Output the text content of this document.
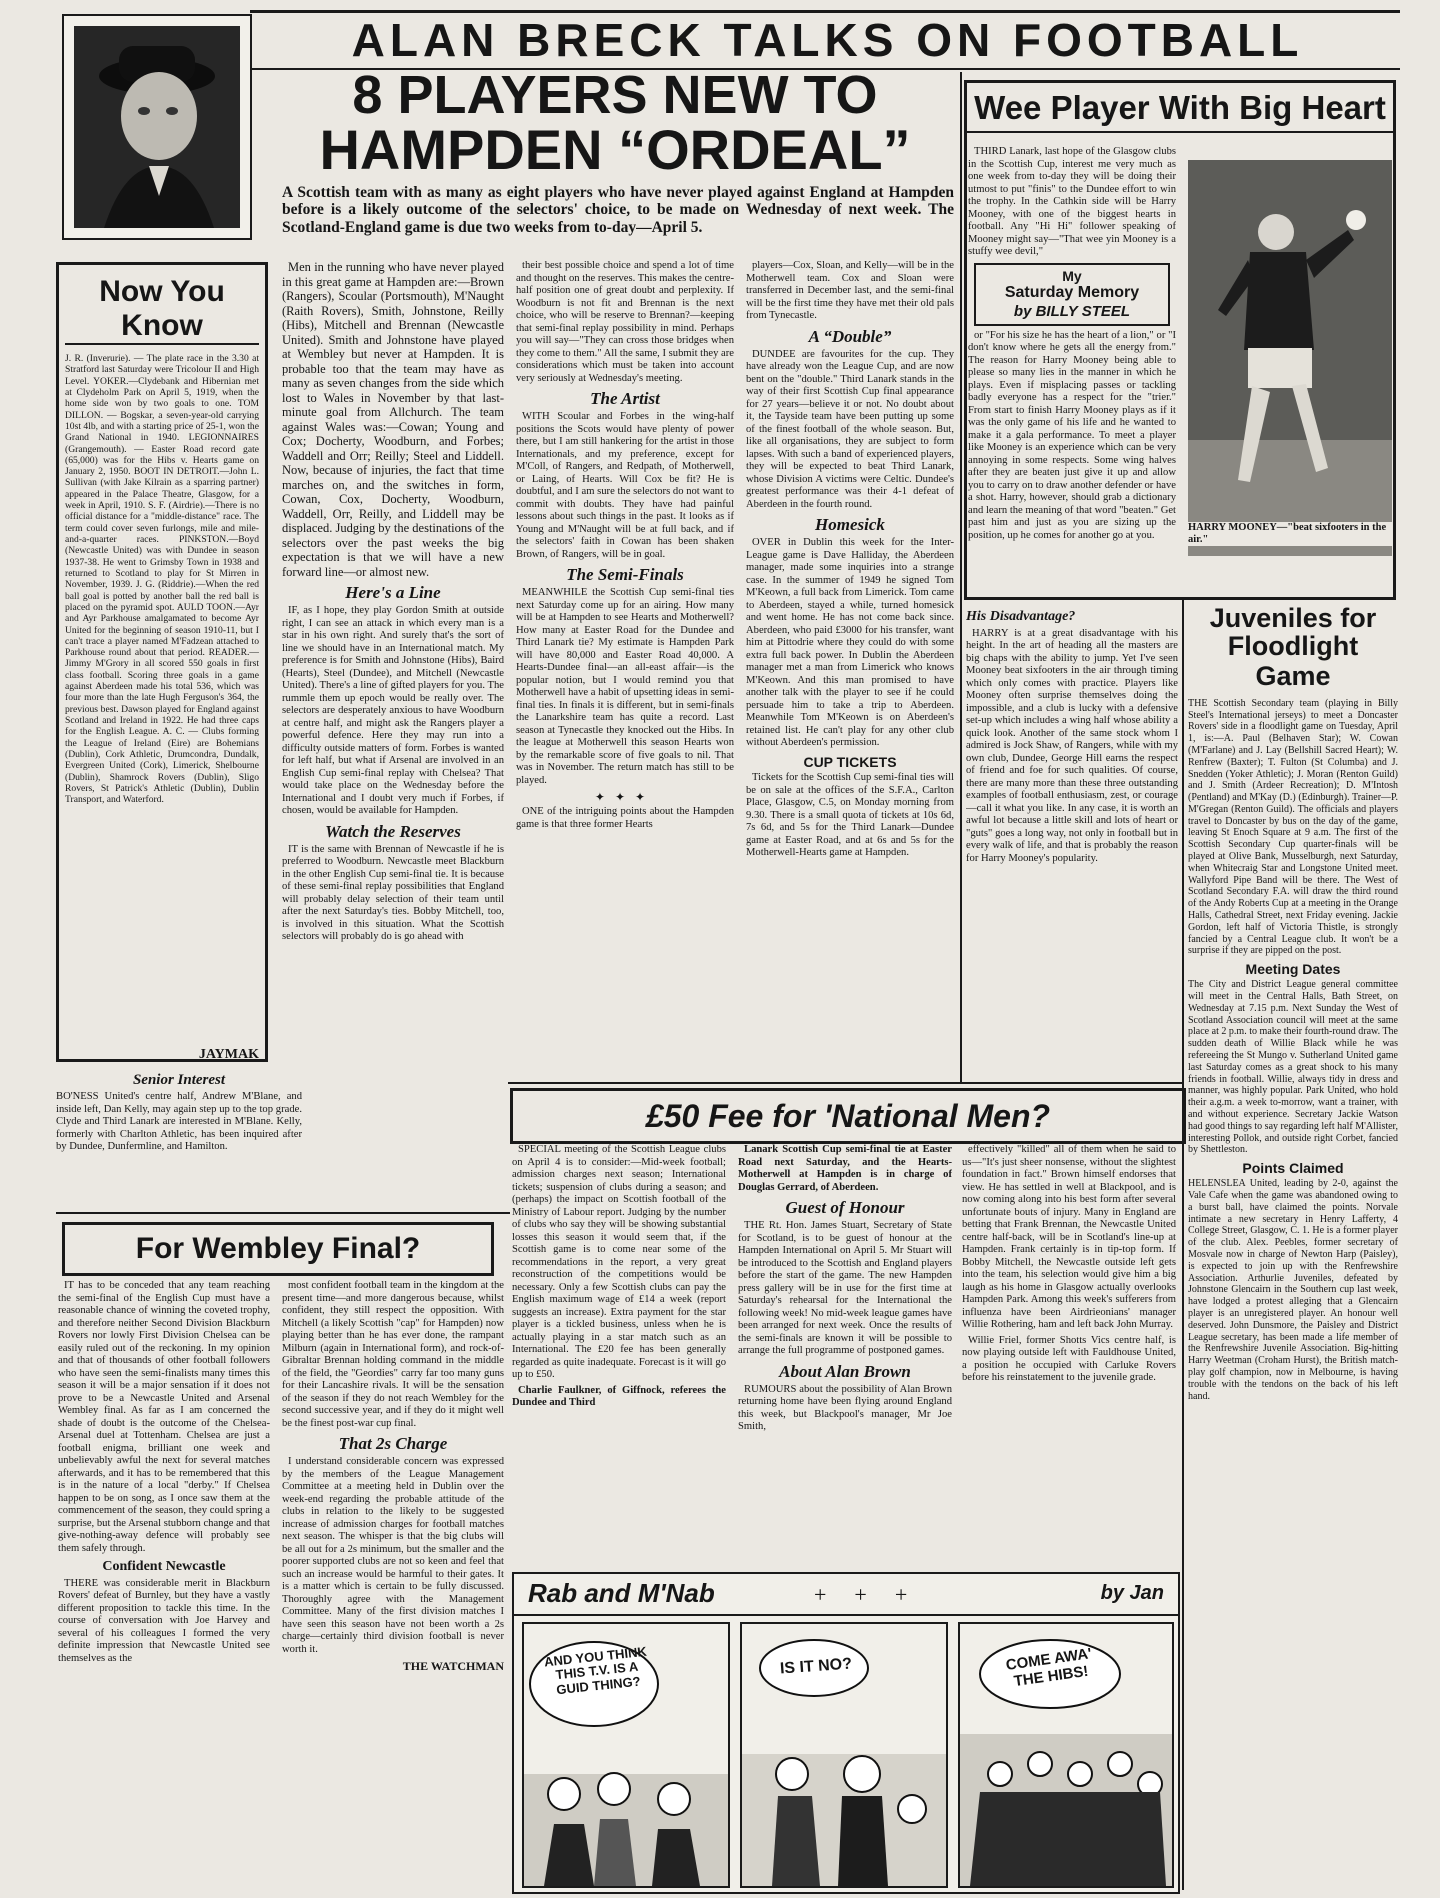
ALAN BRECK TALKS ON FOOTBALL
8 PLAYERS NEW TO
HAMPDEN “ORDEAL”
A Scottish team with as many as eight players who have never played against England at Hampden before is a likely outcome of the selectors' choice, to be made on Wednesday of next week. The Scotland-England game is due two weeks from to-day—April 5.
Now You Know
J. R. (Inverurie). — The plate race in the 3.30 at Stratford last Saturday were Tricolour II and High Level. YOKER.—Clydebank and Hibernian met at Clydeholm Park on April 5, 1919, when the home side won by two goals to one. TOM DILLON. — Bogskar, a seven-year-old carrying 10st 4lb, and with a starting price of 25-1, won the Grand National in 1940. LEGIONNAIRES (Grangemouth). — Easter Road record gate (65,000) was for the Hibs v. Hearts game on January 2, 1950. BOOT IN DETROIT.—John L. Sullivan (with Jake Kilrain as a sparring partner) appeared in the Palace Theatre, Glasgow, for a week in April, 1910. S. F. (Airdrie).—There is no official distance for a "middle-distance" race. The term could cover seven furlongs, mile and mile-and-a-quarter races. PINKSTON.—Boyd (Newcastle United) was with Dundee in season 1937-38. He went to Grimsby Town in 1938 and returned to Scotland to play for St Mirren in November, 1939. J. G. (Riddrie).—When the red ball goal is potted by another ball the red ball is placed on the pyramid spot. AULD TOON.—Ayr and Ayr Parkhouse amalgamated to become Ayr United for the beginning of season 1910-11, but I can't trace a player named M'Fadzean attached to Parkhouse round about that period. READER.—Jimmy M'Grory in all scored 550 goals in first class football. Scoring three goals in a game against Aberdeen made his total 536, which was four more than the late Hugh Ferguson's 364, the previous best. Dawson played for England against Scotland and Ireland in 1922. He had three caps for the English League. A. C. — Clubs forming the League of Ireland (Eire) are Bohemians (Dublin), Cork Athletic, Drumcondra, Dundalk, Evergreen United (Cork), Limerick, Shelbourne (Dublin), Shamrock Rovers (Dublin), Sligo Rovers, St Patrick's Athletic (Dublin), Dublin Transport, and Waterford.
JAYMAK
Senior Interest
BO'NESS United's centre half, Andrew M'Blane, and inside left, Dan Kelly, may again step up to the top grade. Clyde and Third Lanark are interested in M'Blane. Kelly, formerly with Charlton Athletic, has been inquired after by Dundee, Dunfermline, and Hamilton.

Men in the running who have never played in this great game at Hampden are:—Brown (Rangers), Scoular (Portsmouth), M'Naught (Raith Rovers), Smith, Johnstone, Reilly (Hibs), Mitchell and Brennan (Newcastle United). Smith and Johnstone have played at Wembley but never at Hampden. It is probable too that the team may have as many as seven changes from the side which lost to Wales in November by that last-minute goal from Allchurch. The team against Wales was:—Cowan; Young and Cox; Docherty, Woodburn, and Forbes; Waddell and Orr; Reilly; Steel and Liddell. Now, because of injuries, the fact that time marches on, and the switches in form, Cowan, Cox, Docherty, Woodburn, Waddell, Orr, Reilly, and Liddell may be displaced. Judging by the destinations of the selectors over the past weeks the big expectation is that we will have a new forward line—or almost new.

Here's a Line

IF, as I hope, they play Gordon Smith at outside right, I can see an attack in which every man is a star in his own right. And surely that's the sort of line we should have in an International match. My preference is for Smith and Johnstone (Hibs), Baird (Hearts), Steel (Dundee), and Mitchell (Newcastle United). There's a line of gifted players for you. The rummle them up epoch would be really over. The selectors are desperately anxious to have Woodburn at centre half, and might ask the Rangers player a powerful defence. Here they may run into a difficulty outside matters of form. Forbes is wanted for left half, but what if Arsenal are involved in an English Cup semi-final replay with Chelsea? That would take place on the Wednesday before the International and I doubt very much if Forbes, if chosen, would be available for Hampden.

Watch the Reserves

IT is the same with Brennan of Newcastle if he is preferred to Woodburn. Newcastle meet Blackburn in the other English Cup semi-final tie. It is because of these semi-final replay possibilities that England will probably delay selection of their team until after the next Saturday's ties. Bobby Mitchell, too, is involved in this situation. What the Scottish selectors will probably do is go ahead with

their best possible choice and spend a lot of time and thought on the reserves. This makes the centre-half position one of great doubt and perplexity. If Woodburn is not fit and Brennan is the next choice, who will be reserve to Brennan?—keeping that semi-final replay possibility in mind. Perhaps you will say—"They can cross those bridges when they come to them." All the same, I submit they are considerations which must be taken into account very seriously at Wednesday's meeting.

The Artist

WITH Scoular and Forbes in the wing-half positions the Scots would have plenty of power there, but I am still hankering for the artist in those Internationals, and my preference, except for M'Coll, of Rangers, and Redpath, of Motherwell, or Laing, of Hearts. Will Cox be fit? He is doubtful, and I am sure the selectors do not want to commit with doubts. They have had painful lessons about such things in the past. It looks as if Young and M'Naught will be at full back, and if the selectors' faith in Cowan has been shaken Brown, of Rangers, will be in goal.

The Semi-Finals

MEANWHILE the Scottish Cup semi-final ties next Saturday come up for an airing. How many will be at Hampden to see Hearts and Motherwell? How many at Easter Road for the Dundee and Third Lanark tie? My estimate is Hampden Park will have 80,000 and Easter Road 40,000. A Hearts-Dundee final—an all-east affair—is the popular notion, but I would remind you that Motherwell have a habit of upsetting ideas in semi-final ties. In finals it is different, but in semi-finals the Lanarkshire team has quite a record. Last season at Tynecastle they knocked out the Hibs. In the league at Motherwell this season Hearts won by the remarkable score of five goals to nil. That was in November. The return match has still to be played.

✦✦✦

ONE of the intriguing points about the Hampden game is that three former Hearts

players—Cox, Sloan, and Kelly—will be in the Motherwell team. Cox and Sloan were transferred in December last, and the semi-final will be the first time they have met their old pals from Tynecastle.

A “Double”

DUNDEE are favourites for the cup. They have already won the League Cup, and are now bent on the "double." Third Lanark stands in the way of their first Scottish Cup final appearance for 27 years—believe it or not. No doubt about it, the Tayside team have been putting up some of the finest football of the whole season. But, like all organisations, they are subject to form lapses. With such a band of experienced players, they will be expected to beat Third Lanark, whose Division A victims were Celtic. Dundee's greatest performance was their 4-1 defeat of Aberdeen in the fourth round.

Homesick

OVER in Dublin this week for the Inter-League game is Dave Halliday, the Aberdeen manager, made some inquiries into a strange case. In the summer of 1949 he signed Tom M'Keown, a full back from Limerick. Tom came to Aberdeen, stayed a while, turned homesick and went home. He has not come back since. Aberdeen, who paid £3000 for his transfer, want him at Pittodrie where they could do with some extra full back power. In Dublin the Aberdeen manager met a man from Limerick who knows M'Keown. And this man promised to have another talk with the player to see if he could persuade him to take a trip to Aberdeen. Meanwhile Tom M'Keown is on Aberdeen's retained list. He can't play for any other club without Aberdeen's permission.

CUP TICKETS

Tickets for the Scottish Cup semi-final ties will be on sale at the offices of the S.F.A., Carlton Place, Glasgow, C.5, on Monday morning from 9.30. There is a small quota of tickets at 10s 6d, 7s 6d, and 5s for the Third Lanark—Dundee game at Easter Road, and at 6s and 5s for the Motherwell-Hearts game at Hampden.

Wee Player With Big Heart

THIRD Lanark, last hope of the Glasgow clubs in the Scottish Cup, interest me very much as one week from to-day they will be doing their utmost to put "finis" to the Dundee effort to win the trophy. In the Cathkin side will be Harry Mooney, with one of the biggest hearts in football. Any "Hi Hi" follower speaking of Mooney might say—"That wee yin Mooney is a stuffy wee devil,"

My
Saturday Memory
by BILLY STEEL

or "For his size he has the heart of a lion," or "I don't know where he gets all the energy from." The reason for Harry Mooney being able to please so many lies in the manner in which he plays. Even if misplacing passes or tackling badly everyone has a respect for the "trier." From start to finish Harry Mooney plays as if it was the only game of his life and he wanted to make it a gala performance. To meet a player like Mooney is an experience which can be very annoying in some respects. Some wing halves after they are beaten just give it up and allow you to carry on to draw another defender or have a shot. Harry, however, should grab a dictionary and learn the meaning of that word "beaten." Get past him and just as you are sizing up the position, up he comes for another go at you.

HARRY MOONEY—"beat sixfooters in the air."
His Disadvantage?

HARRY is at a great disadvantage with his height. In the art of heading all the masters are big chaps with the ability to jump. Yet I've seen Mooney beat sixfooters in the air through timing which only comes with practice. Players like Mooney often surprise themselves doing the impossible, and a club is lucky with a defensive set-up which includes a wing half whose ability a quick look. Another of the same stock whom I admired is Jock Shaw, of Rangers, while with my own club, Dundee, George Hill earns the respect of friend and foe for such qualities. Of course, there are many more than these three outstanding examples of football enthusiasm, zest, or courage—call it what you like. In any case, it is worth an awful lot because a little skill and lots of heart or "guts" goes a long way, not only in football but in every walk of life, and that is probably the reason for Harry Mooney's popularity.

Juveniles for
Floodlight Game
THE Scottish Secondary team (playing in Billy Steel's International jerseys) to meet a Doncaster Rovers' side in a floodlight game on Tuesday, April 1, is:—A. Paul (Belhaven Star); W. Cowan (M'Farlane) and J. Lay (Bellshill Sacred Heart); W. Renfrew (Baxter); T. Fulton (St Columba) and J. Snedden (Yoker Athletic); J. Moran (Renton Guild) and J. Smith (Ardeer Recreation); D. M'Intosh (Pentland) and M'Kay (D.) (Edinburgh). Trainer—P. M'Gregan (Renton Guild). The officials and players travel to Doncaster by bus on the day of the game, leaving St Enoch Square at 9 a.m. The first of the Scottish Secondary Cup quarter-finals will be played at Olive Bank, Musselburgh, next Saturday, when Whitecraig Star and Longstone United meet. Wallyford Pipe Band will be there. The West of Scotland Secondary F.A. will draw the third round of the Andy Roberts Cup at a meeting in the Orange Halls, Cathedral Street, next Friday evening. Jackie Gordon, left half of Victoria Thistle, is strongly fancied by a Central League club. It won't be a surprise if they are pipped on the post.
Meeting Dates
The City and District League general committee will meet in the Central Halls, Bath Street, on Wednesday at 7.15 p.m. Next Sunday the West of Scotland Association council will meet at the same place at 2 p.m. to make their fourth-round draw. The sudden death of Willie Black while he was refereeing the St Mungo v. Sutherland United game last Saturday comes as a great shock to his many friends in football. Willie, always tidy in dress and manner, was highly popular. Park United, who hold their a.g.m. a week to-morrow, want a trainer, with and without experience. Secretary Jackie Watson had good things to say regarding left half M'Allister, interesting Pollok, and outside right Corbet, fancied by Shettleston.
Points Claimed
HELENSLEA United, leading by 2-0, against the Vale Cafe when the game was abandoned owing to a burst ball, have claimed the points. Norvale intimate a new secretary in Henry Lafferty, 4 College Street, Glasgow, C. 1. He is a former player of the club. Alex. Peebles, former secretary of Mosvale now in charge of Newton Harp (Paisley), is expected to join up with the Renfrewshire Association. Arthurlie Juveniles, defeated by Johnstone Glencairn in the Southern cup last week, have lodged a protest alleging that a Glencairn player is an unregistered player. An honour well deserved. John Dunsmore, the Paisley and District League secretary, has been made a life member of the Renfrewshire Juvenile Association. Big-hitting Harry Weetman (Croham Hurst), the British match-play golf champion, now in Melbourne, is having trouble with the tendons on the back of his left hand.
For Wembley Final?

IT has to be conceded that any team reaching the semi-final of the English Cup must have a reasonable chance of winning the coveted trophy, and therefore neither Second Division Blackburn Rovers nor lowly First Division Chelsea can be easily ruled out of the reckoning. In my opinion and that of thousands of other football followers who have seen the semi-finalists many times this season it will be a major sensation if it does not prove to be a Newcastle United and Arsenal Wembley final. As far as I am concerned the shade of doubt is the outcome of the Chelsea-Arsenal duel at Tottenham. Chelsea are just a football enigma, brilliant one week and unbelievably awful the next for several matches afterwards, and it has to be remembered that this is in the nature of a local "derby." If Chelsea happen to be on song, as I once saw them at the commencement of the season, they could spring a surprise, but the Arsenal stubborn change and that give-nothing-away defence will probably see them safely through.

Confident Newcastle

THERE was considerable merit in Blackburn Rovers' defeat of Burnley, but they have a vastly different proposition to tackle this time. In the course of conversation with Joe Harvey and several of his colleagues I formed the very definite impression that Newcastle United see themselves as the

most confident football team in the kingdom at the present time—and more dangerous because, whilst confident, they still respect the opposition. With Mitchell (a likely Scottish "cap" for Hampden) now playing better than he has ever done, the rampant Milburn (again in International form), and rock-of-Gibraltar Brennan holding command in the middle of the field, the "Geordies" carry far too many guns for their Lancashire rivals. It will be the sensation of the season if they do not reach Wembley for the second successive year, and if they do it might well be the finest post-war cup final.

That 2s Charge

I understand considerable concern was expressed by the members of the League Management Committee at a meeting held in Dublin over the week-end regarding the probable attitude of the clubs in relation to the likely to be suggested increase of admission charges for football matches next season. The whisper is that the big clubs will be all out for a 2s minimum, but the smaller and the poorer supported clubs are not so keen and feel that such an increase would be harmful to their gates. It is a matter which is certain to be fully discussed. Thoroughly agree with the Management Committee. Many of the first division matches I have seen this season have not been worth a 2s charge—certainly third division football is never worth it.

THE WATCHMAN
£50 Fee for 'National Men?

SPECIAL meeting of the Scottish League clubs on April 4 is to consider:—Mid-week football; admission charges next season; International tickets; suspension of clubs during a season; and (perhaps) the impact on Scottish football of the Ministry of Labour report. Judging by the number of clubs who say they will be showing substantial losses this season it would seem that, if the Scottish game is to come near some of the recommendations in the report, a very great reconstruction of the competitions would be necessary. Only a few Scottish clubs can pay the English maximum wage of £14 a week (report suggests an increase). Extra payment for the star player is a tickled business, unless when he is actually playing in a star match such as an International. The £20 fee has been generally regarded as quite inadequate. Forecast is it will go up to £50.

Charlie Faulkner, of Giffnock, referees the Dundee and Third

Lanark Scottish Cup semi-final tie at Easter Road next Saturday, and the Hearts-Motherwell at Hampden is in charge of Douglas Gerrard, of Aberdeen.

Guest of Honour

THE Rt. Hon. James Stuart, Secretary of State for Scotland, is to be guest of honour at the Hampden International on April 5. Mr Stuart will be introduced to the Scottish and England players before the start of the game. The new Hampden press gallery will be in use for the first time at Saturday's rehearsal for the International the following week! No mid-week league games have been arranged for next week. Once the results of the semi-finals are known it will be possible to arrange the full programme of postponed games.

About Alan Brown

RUMOURS about the possibility of Alan Brown returning home have been flying around England this week, but Blackpool's manager, Mr Joe Smith,

effectively "killed" all of them when he said to us—"It's just sheer nonsense, without the slightest foundation in fact." Brown himself endorses that view. He has settled in well at Blackpool, and is now coming along into his best form after several unfortunate bouts of injury. Many in England are betting that Frank Brennan, the Newcastle United centre half-back, will be in Scotland's line-up at Hampden. Frank certainly is in tip-top form. If Bobby Mitchell, the Newcastle outside left gets into the team, his selection would give him a big laugh as his home in Glasgow actually overlooks Hampden Park. Among this week's sufferers from influenza have been Airdrieonians' manager Willie Rothering, ham and left back John Murray.

Willie Friel, former Shotts Vics centre half, is now playing outside left with Fauldhouse United, a position he occupied with Carluke Rovers before his reinstatement to the juvenile grade.

Rab and M'Nab	+++	by Jan
AND YOU THINK THIS T.V. IS A GUID THING?
IS IT NO?	COME AWA' THE HIBS!
